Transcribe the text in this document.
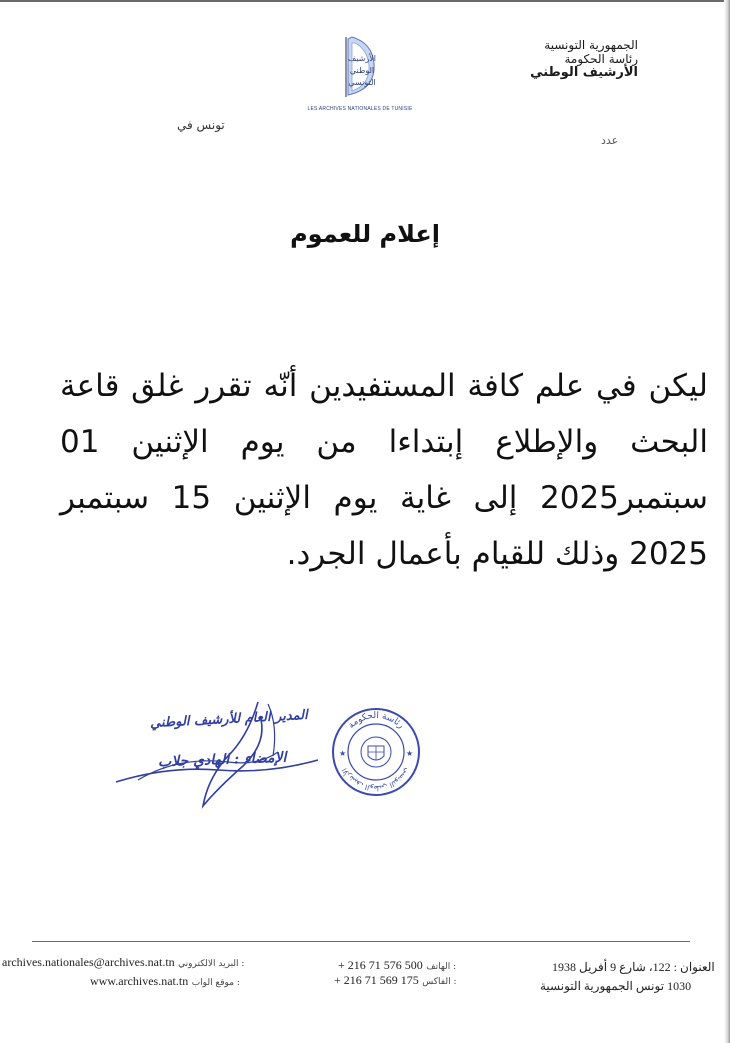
الجمهورية التونسية
رئاسة الحكومة
الأرشيف الوطني
الأرشيف
الوطني
التونسي
LES ARCHIVES NATIONALES DE TUNISIE
تونس في
عدد
إعلام للعموم
ليكن في علم كافة المستفيدين أنّه تقرر غلق قاعة البحث والإطلاع إبتداءا من يوم الإثنين 01 سبتمبر2025 إلى غاية يوم الإثنين 15 سبتمبر 2025 وذلك للقيام بأعمال الجرد.
رئاسة الحكومة
الأرشيف الوطني التونسي
★	★
المدير العام للأرشيف الوطني
الإمضاء : الهادي جلاب
archives.nationales@archives.nat.tn البريد الالكتروني :
www.archives.nat.tn موقع الواب :
+ 216 71 576 500 الهاتف :
+ 216 71 569 175 الفاكس :
العنوان : 122، شارع 9 أفريل 1938
1030 تونس الجمهورية التونسية
